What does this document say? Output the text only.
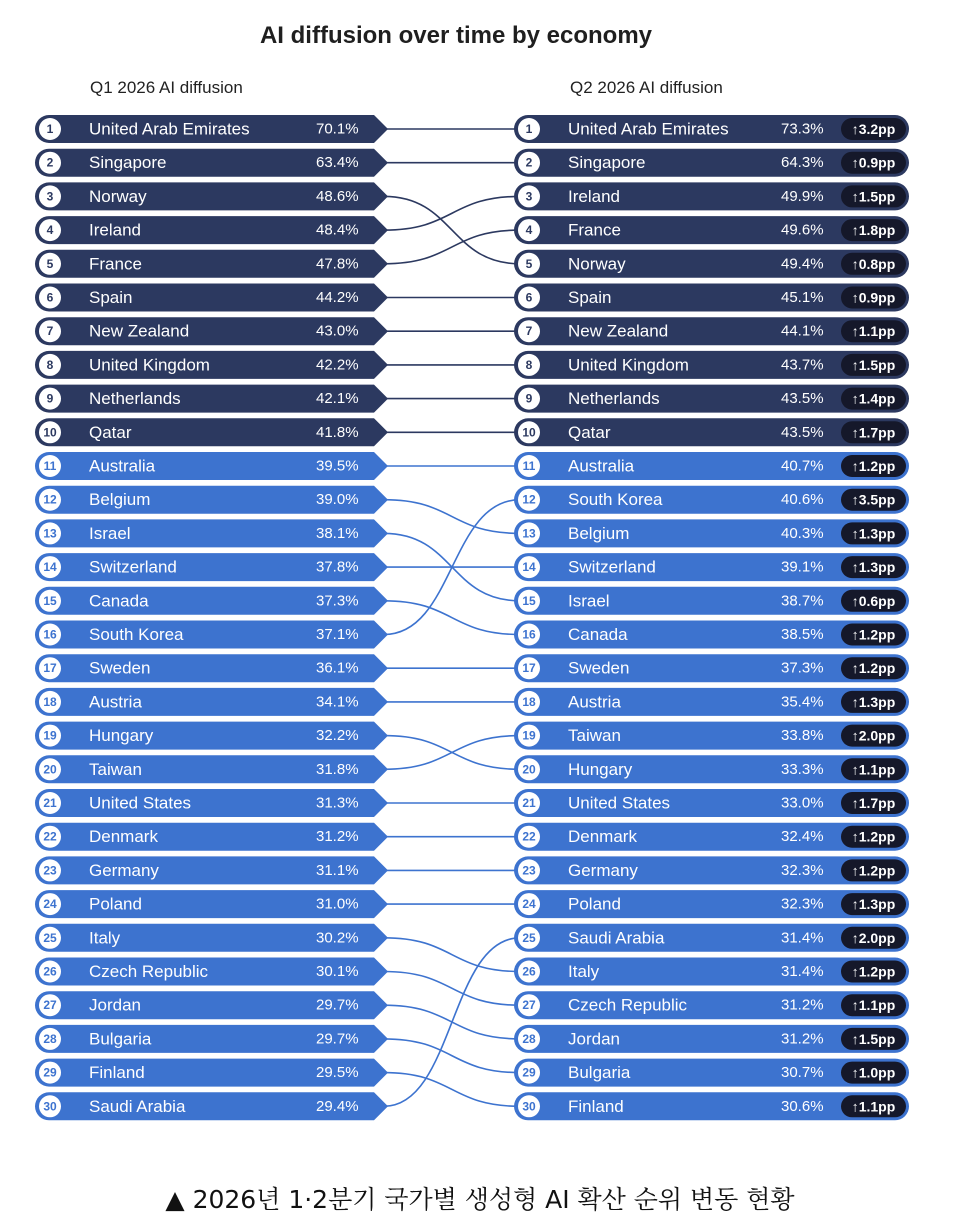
AI diffusion over time by economy
Q1 2026 AI diffusion	Q2 2026 AI diffusion
1 United Arab Emirates	70.1%
2 Singapore	63.4%
3 Norway	48.6%
4 Ireland	48.4%
5 France	47.8%
6 Spain	44.2%
7 New Zealand	43.0%
8 United Kingdom	42.2%
9 Netherlands	42.1%
10 Qatar	41.8%
11 Australia	39.5%
12 Belgium	39.0%
13 Israel	38.1%
14 Switzerland	37.8%
15 Canada	37.3%
16 South Korea	37.1%
17 Sweden	36.1%
18 Austria	34.1%
19 Hungary	32.2%
20 Taiwan	31.8%
21 United States	31.3%
22 Denmark	31.2%
23 Germany	31.1%
24 Poland	31.0%
25 Italy	30.2%
26 Czech Republic	30.1%
27 Jordan	29.7%
28 Bulgaria	29.7%
29 Finland	29.5%
30 Saudi Arabia	29.4%
1 United Arab Emirates	73.3% ↑3.2pp
2 Singapore	64.3% ↑0.9pp
3 Ireland	49.9% ↑1.5pp
4 France	49.6% ↑1.8pp
5 Norway	49.4% ↑0.8pp
6 Spain	45.1% ↑0.9pp
7 New Zealand	44.1% ↑1.1pp
8 United Kingdom	43.7% ↑1.5pp
9 Netherlands	43.5% ↑1.4pp
10 Qatar	43.5% ↑1.7pp
11 Australia	40.7% ↑1.2pp
12 South Korea	40.6% ↑3.5pp
13 Belgium	40.3% ↑1.3pp
14 Switzerland	39.1% ↑1.3pp
15 Israel	38.7% ↑0.6pp
16 Canada	38.5% ↑1.2pp
17 Sweden	37.3% ↑1.2pp
18 Austria	35.4% ↑1.3pp
19 Taiwan	33.8% ↑2.0pp
20 Hungary	33.3% ↑1.1pp
21 United States	33.0% ↑1.7pp
22 Denmark	32.4% ↑1.2pp
23 Germany	32.3% ↑1.2pp
24 Poland	32.3% ↑1.3pp
25 Saudi Arabia	31.4% ↑2.0pp
26 Italy	31.4% ↑1.2pp
27 Czech Republic	31.2% ↑1.1pp
28 Jordan	31.2% ↑1.5pp
29 Bulgaria	30.7% ↑1.0pp
30 Finland	30.6% ↑1.1pp
▲ 2026년 1·2분기 국가별 생성형 AI 확산 순위 변동 현황
